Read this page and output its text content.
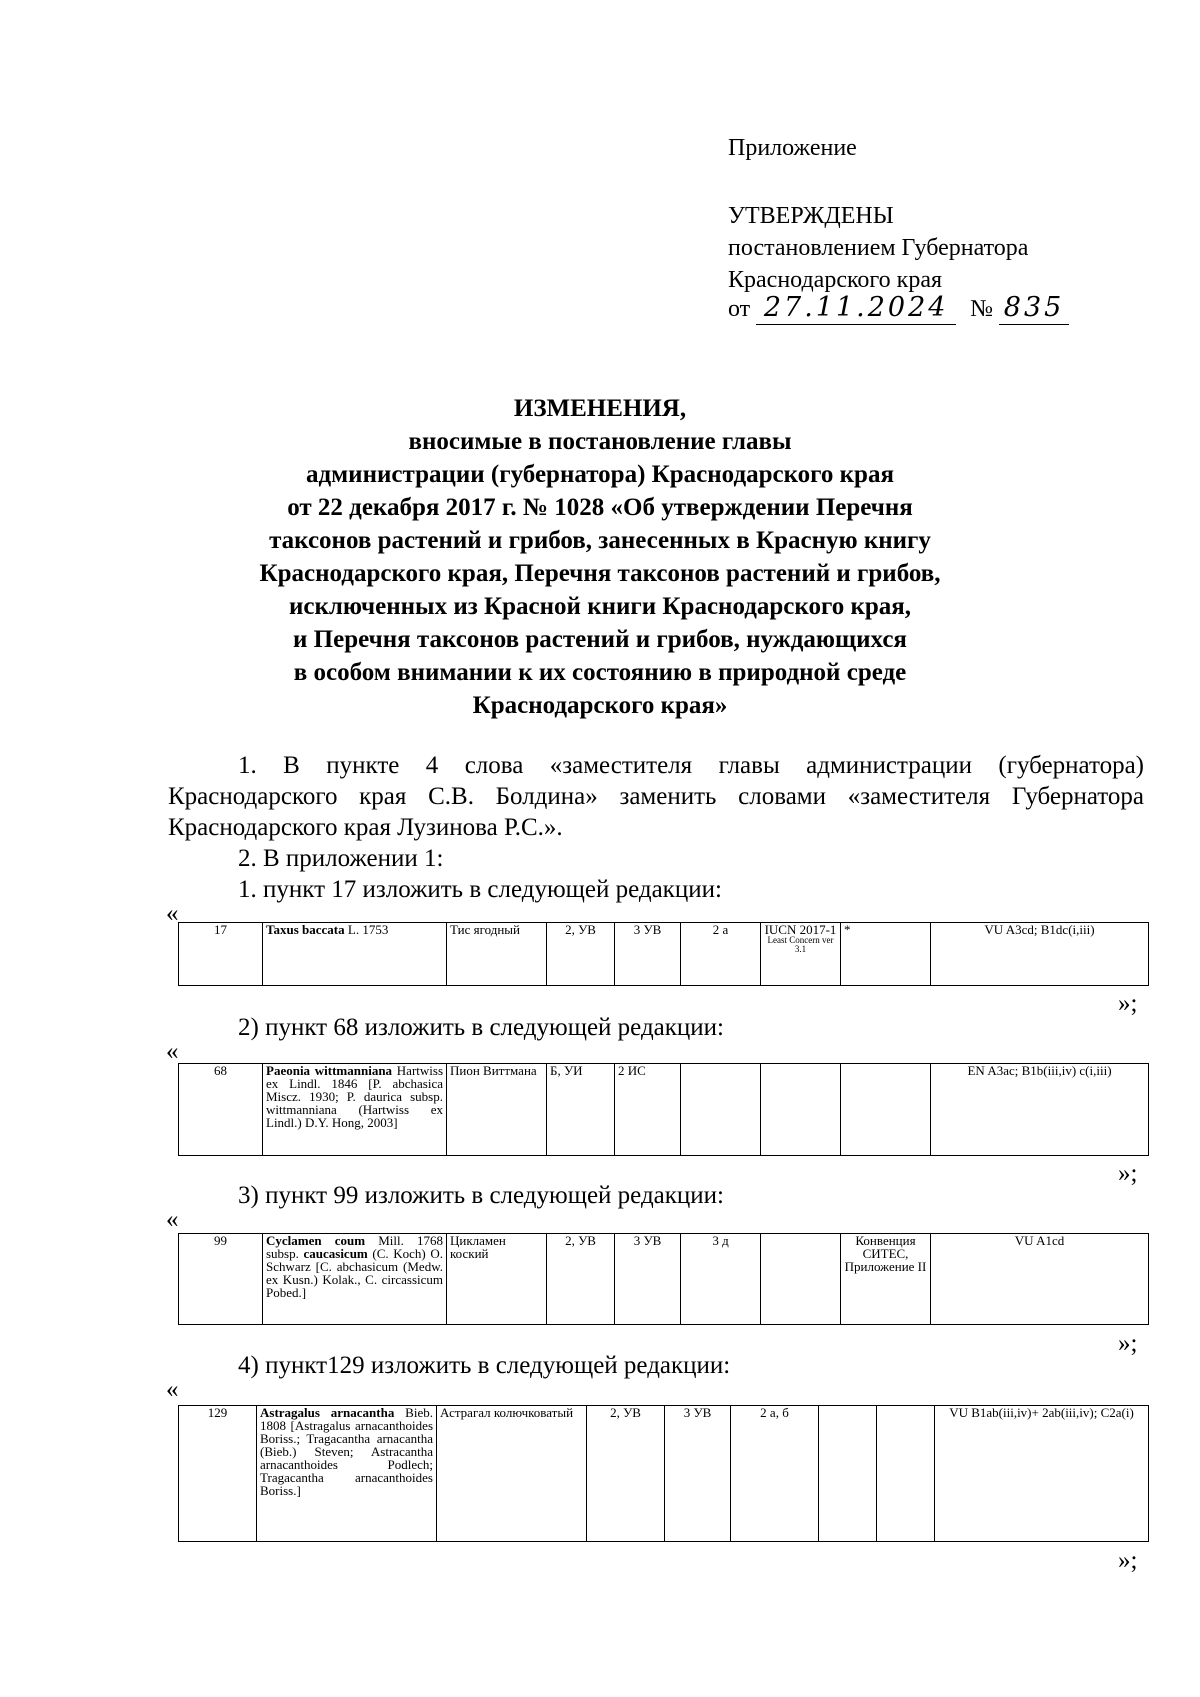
Приложение
УТВЕРЖДЕНЫ
постановлением Губернатора
Краснодарского края
от 27.11.2024 № 835
ИЗМЕНЕНИЯ,
вносимые в постановление главы
администрации (губернатора) Краснодарского края
от 22 декабря 2017 г. № 1028 «Об утверждении Перечня
таксонов растений и грибов, занесенных в Красную книгу
Краснодарского края, Перечня таксонов растений и грибов,
исключенных из Красной книги Краснодарского края,
и Перечня таксонов растений и грибов, нуждающихся
в особом внимании к их состоянию в природной среде
Краснодарского края»
1. В пункте 4 слова «заместителя главы администрации (губернатора) Краснодарского края С.В. Болдина» заменить словами «заместителя Губернатора Краснодарского края Лузинова Р.С.».
2. В приложении 1:
1. пункт 17 изложить в следующей редакции:
«
17	Taxus baccata L. 1753	Тис ягодный	2, УВ	3 УВ	2 а	IUCN 2017-1
Least Concern ver 3.1
	*	VU A3cd; B1dc(i,iii)
»;
2) пункт 68 изложить в следующей редакции:
«
68	Paeonia wittmanniana Hartwiss ex Lindl. 1846 [P. abchasica Miscz. 1930; P. daurica subsp. wittmanniana (Hartwiss ex Lindl.) D.Y. Hong, 2003]	Пион Виттмана	Б, УИ	2 ИС				EN A3ac; B1b(iii,iv) c(i,iii)
»;
3) пункт 99 изложить в следующей редакции:
«
99	Cyclamen coum Mill. 1768 subsp. caucasicum (C. Koch) O. Schwarz [C. abchasicum (Medw. ex Kusn.) Kolak., C. circassicum Pobed.]	Цикламен коский	2, УВ	3 УВ	3 д		Конвенция СИТЕС, Приложение II	VU A1cd
»;
4) пункт129 изложить в следующей редакции:
«
129	Astragalus arnacantha Bieb. 1808 [Astragalus arnacanthoides Boriss.; Tragacantha arnacantha (Bieb.) Steven; Astracantha arnacanthoides Podlech; Tragacantha arnacanthoides Boriss.]	Астрагал колючковатый	2, УВ	3 УВ	2 а, б			VU B1ab(iii,iv)+ 2ab(iii,iv); C2a(i)
»;
